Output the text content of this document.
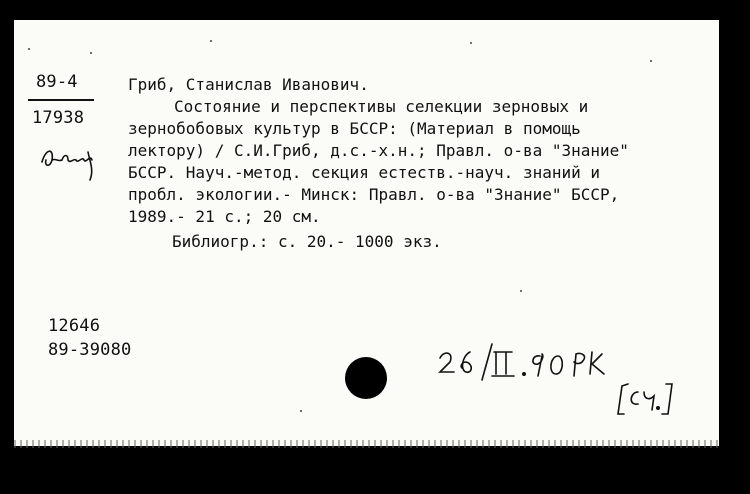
89-4
17938
Гриб, Станислав Иванович.
Состояние и перспективы селекции зерновых и
зернобобовых культур в БССР: (Материал в помощь
лектору) / С.И.Гриб, д.с.-х.н.; Правл. о-ва "Знание"
БССР. Науч.-метод. секция естеств.-науч. знаний и
пробл. экологии.- Минск: Правл. о-ва "Знание" БССР,
1989.- 21 с.; 20 см.
Библиогр.: с. 20.- 1000 экз.
12646
89-39080
